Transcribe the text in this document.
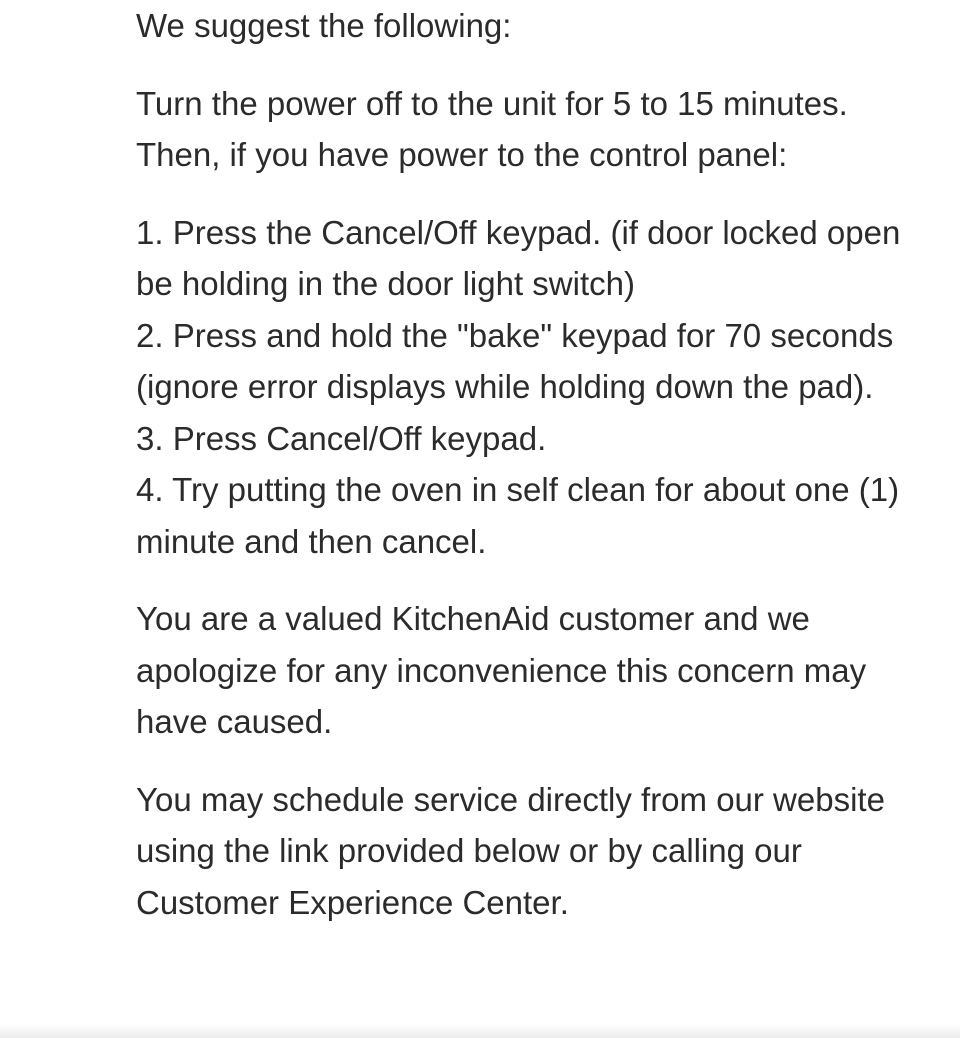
We suggest the following:

Turn the power off to the unit for 5 to 15 minutes. Then, if you have power to the control panel:

1. Press the Cancel/Off keypad. (if door locked open be holding in the door light switch)
2. Press and hold the "bake" keypad for 70 seconds (ignore error displays while holding down the pad).
3. Press Cancel/Off keypad.
4. Try putting the oven in self clean for about one (1) minute and then cancel.

You are a valued KitchenAid customer and we apologize for any inconvenience this concern may have caused.

You may schedule service directly from our website using the link provided below or by calling our Customer Experience Center.
